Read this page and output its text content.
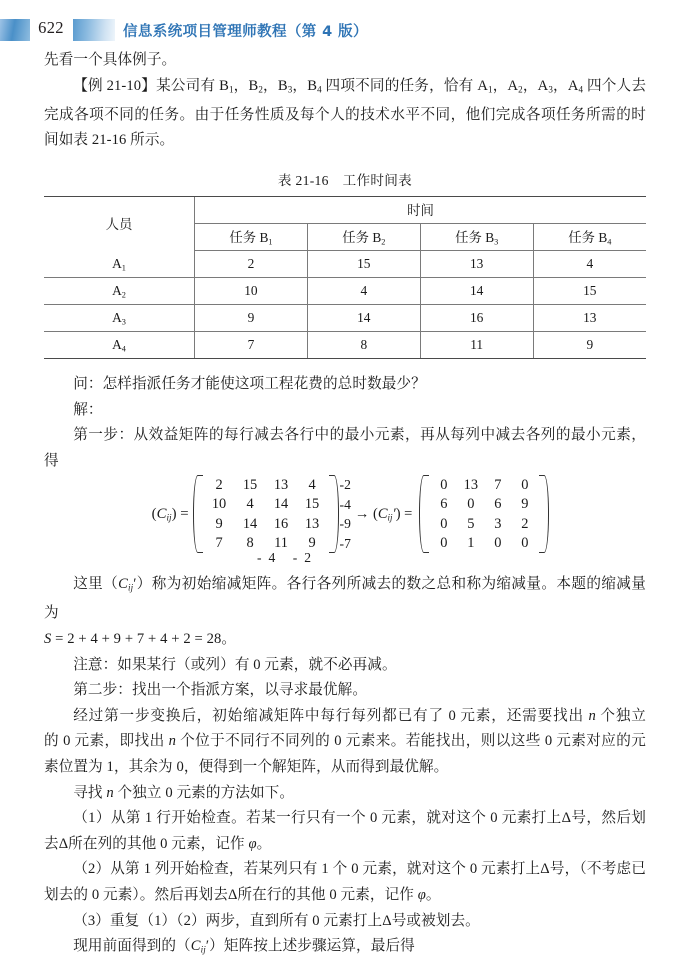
622	信息系统项目管理师教程（第 4 版）

先看一个具体例子。

【例 21-10】某公司有 $B_1$，$B_2$，$B_3$，$B_4$ 四项不同的任务，恰有 $A_1$，$A_2$，$A_3$，$A_4$ 四个人去完成各项不同的任务。由于任务性质及每个人的技术水平不同，他们完成各项任务所需的时间如表 21-16 所示。

表 21-16　工作时间表

人员	时间			
	任务 $B_1$	任务 $B_2$	任务 $B_3$	任务 $B_4$
$A_1$	2	15	13	4
$A_2$	10	4	14	15
$A_3$	9	14	16	13
$A_4$	7	8	11	9

问：怎样指派任务才能使这项工程花费的总时数最少？

解：

第一步：从效益矩阵的每行减去各行中的最小元素，再从每列中减去各列的最小元素，得

$(C_{ij})$ =
2	15	13	4
10	4	14	15
9	14	16	13
7	8	11	9
-2
-4
-9
-7
→ $(C_{ij}')$ =
0	13	7	0
6	0	6	9
0	5	3	2
0	1	0	0
-4 -2

这里$(C_{ij}')$称为初始缩减矩阵。各行各列所减去的数之总和称为缩减量。本题的缩减量为

S = 2 + 4 + 9 + 7 + 4 + 2 = 28。

注意：如果某行（或列）有 0 元素，就不必再减。

第二步：找出一个指派方案，以寻求最优解。

经过第一步变换后，初始缩减矩阵中每行每列都已有了 0 元素，还需要找出 n 个独立的 0 元素，即找出 n 个位于不同行不同列的 0 元素来。若能找出，则以这些 0 元素对应的元素位置为 1，其余为 0，便得到一个解矩阵，从而得到最优解。

寻找 n 个独立 0 元素的方法如下。

（1）从第 1 行开始检查。若某一行只有一个 0 元素，就对这个 0 元素打上Δ号，然后划去Δ所在列的其他 0 元素，记作 φ。

（2）从第 1 列开始检查，若某列只有 1 个 0 元素，就对这个 0 元素打上Δ号，（不考虑已划去的 0 元素）。然后再划去Δ所在行的其他 0 元素，记作 φ。

（3）重复（1）（2）两步，直到所有 0 元素打上Δ号或被划去。

现用前面得到的$(C_{ij}')$矩阵按上述步骤运算，最后得
